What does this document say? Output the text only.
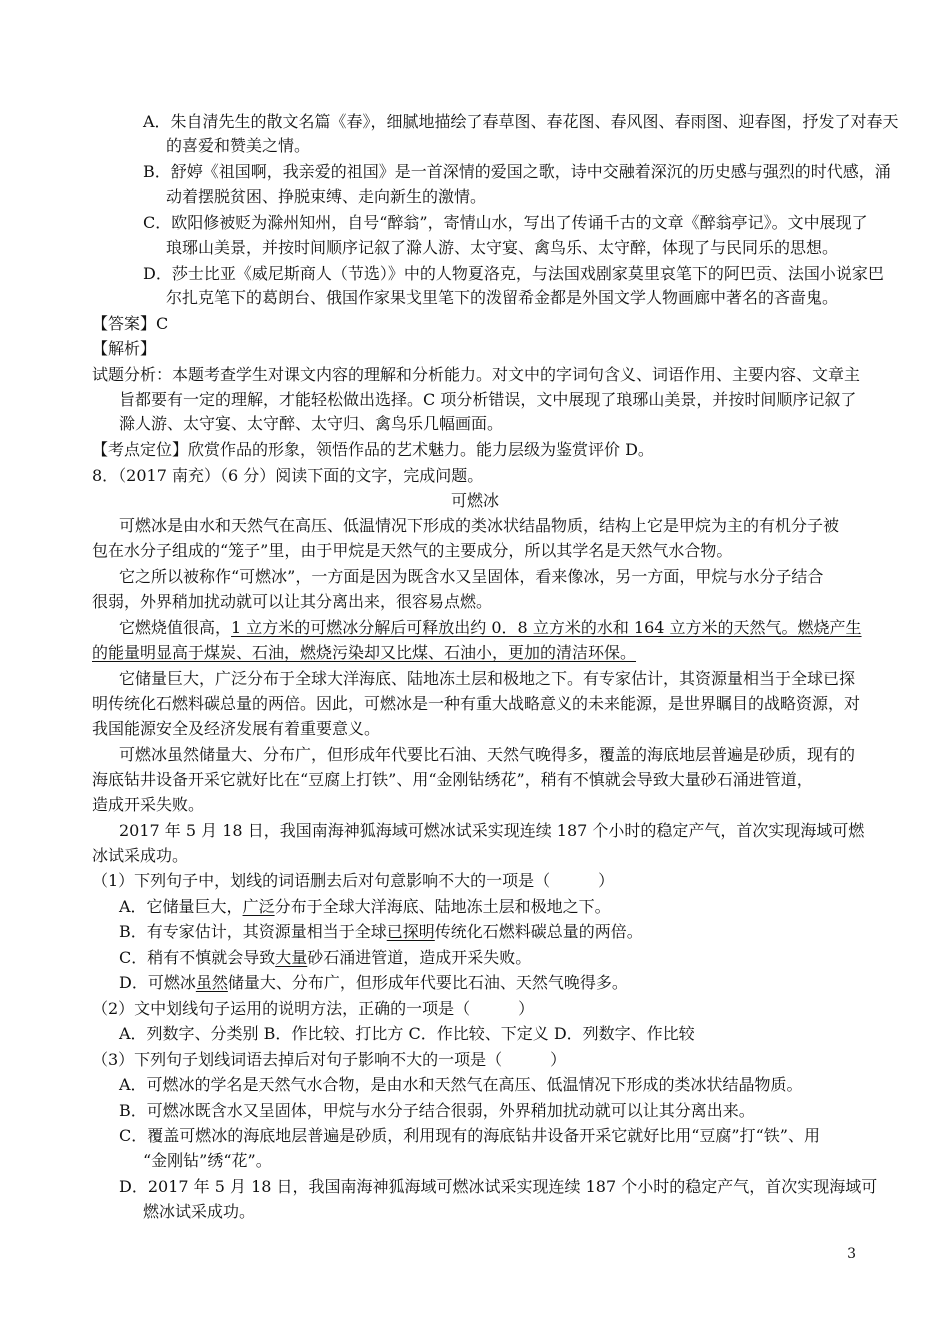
A．朱自清先生的散文名篇《春》，细腻地描绘了春草图、春花图、春风图、春雨图、迎春图，抒发了对春天
的喜爱和赞美之情。
B．舒婷《祖国啊，我亲爱的祖国》是一首深情的爱国之歌，诗中交融着深沉的历史感与强烈的时代感，涌
动着摆脱贫困、挣脱束缚、走向新生的激情。
C．欧阳修被贬为滁州知州，自号“醉翁”，寄情山水，写出了传诵千古的文章《醉翁亭记》。文中展现了
琅琊山美景，并按时间顺序记叙了滁人游、太守宴、禽鸟乐、太守醉，体现了与民同乐的思想。
D．莎士比亚《威尼斯商人（节选）》中的人物夏洛克，与法国戏剧家莫里哀笔下的阿巴贡、法国小说家巴
尔扎克笔下的葛朗台、俄国作家果戈里笔下的泼留希金都是外国文学人物画廊中著名的吝啬鬼。
【答案】C
【解析】
试题分析：本题考查学生对课文内容的理解和分析能力。对文中的字词句含义、词语作用、主要内容、文章主
旨都要有一定的理解，才能轻松做出选择。C 项分析错误，文中展现了琅琊山美景，并按时间顺序记叙了
滁人游、太守宴、太守醉、太守归、禽鸟乐几幅画面。
【考点定位】欣赏作品的形象，领悟作品的艺术魅力。能力层级为鉴赏评价 D。
8．（2017 南充）（6 分）阅读下面的文字，完成问题。
可燃冰
可燃冰是由水和天然气在高压、低温情况下形成的类冰状结晶物质，结构上它是甲烷为主的有机分子被
包在水分子组成的“笼子”里，由于甲烷是天然气的主要成分，所以其学名是天然气水合物。
它之所以被称作“可燃冰”，一方面是因为既含水又呈固体，看来像冰，另一方面，甲烷与水分子结合
很弱，外界稍加扰动就可以让其分离出来，很容易点燃。
它燃烧值很高，1 立方米的可燃冰分解后可释放出约 0．8 立方米的水和 164 立方米的天然气。燃烧产生
的能量明显高于煤炭、石油，燃烧污染却又比煤、石油小，更加的清洁环保。
它储量巨大，广泛分布于全球大洋海底、陆地冻土层和极地之下。有专家估计，其资源量相当于全球已探
明传统化石燃料碳总量的两倍。因此，可燃冰是一种有重大战略意义的未来能源，是世界瞩目的战略资源，对
我国能源安全及经济发展有着重要意义。
可燃冰虽然储量大、分布广，但形成年代要比石油、天然气晚得多，覆盖的海底地层普遍是砂质，现有的
海底钻井设备开采它就好比在“豆腐上打铁”、用“金刚钻绣花”，稍有不慎就会导致大量砂石涌进管道，
造成开采失败。
2017 年 5 月 18 日，我国南海神狐海域可燃冰试采实现连续 187 个小时的稳定产气，首次实现海域可燃
冰试采成功。
（1）下列句子中，划线的词语删去后对句意影响不大的一项是（　　　）
A．它储量巨大，广泛分布于全球大洋海底、陆地冻土层和极地之下。
B．有专家估计，其资源量相当于全球已探明传统化石燃料碳总量的两倍。
C．稍有不慎就会导致大量砂石涌进管道，造成开采失败。
D．可燃冰虽然储量大、分布广，但形成年代要比石油、天然气晚得多。
（2）文中划线句子运用的说明方法，正确的一项是（　　　）
A．列数字、分类别 B．作比较、打比方 C．作比较、下定义 D．列数字、作比较
（3）下列句子划线词语去掉后对句子影响不大的一项是（　　　）
A．可燃冰的学名是天然气水合物，是由水和天然气在高压、低温情况下形成的类冰状结晶物质。
B．可燃冰既含水又呈固体，甲烷与水分子结合很弱，外界稍加扰动就可以让其分离出来。
C．覆盖可燃冰的海底地层普遍是砂质，利用现有的海底钻井设备开采它就好比用“豆腐”打“铁”、用
“金刚钻”绣“花”。
D．2017 年 5 月 18 日，我国南海神狐海域可燃冰试采实现连续 187 个小时的稳定产气，首次实现海域可
燃冰试采成功。
3
